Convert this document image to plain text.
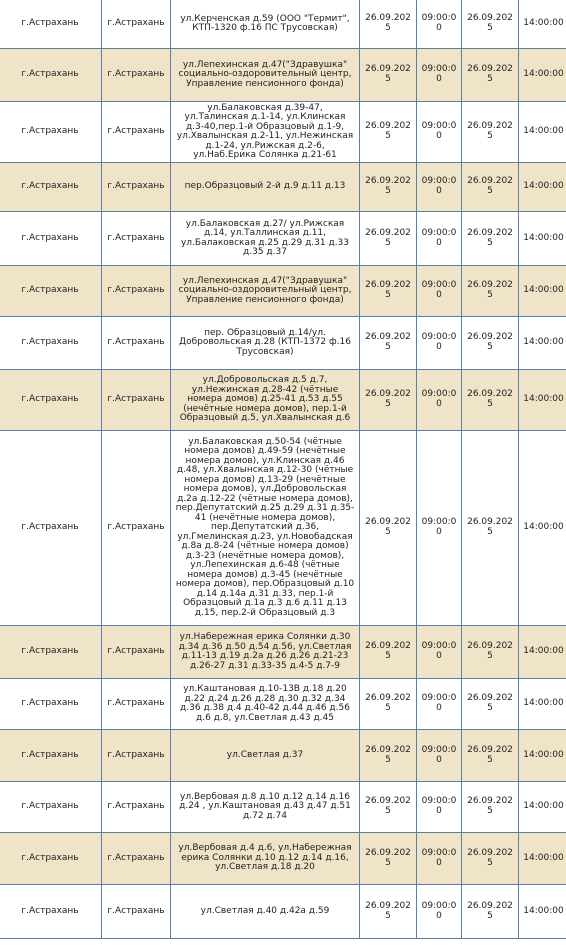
г.Астрахань	г.Астрахань	ул.Керченская д.59 (ООО "Термит", КТП-1320 ф.16 ПС Трусовская)	26.09.2025	09:00:00	26.09.2025	14:00:00
г.Астрахань	г.Астрахань	ул.Лепехинская д.47("Здравушка" социально-оздоровительный центр, Управление пенсионного фонда)	26.09.2025	09:00:00	26.09.2025	14:00:00
г.Астрахань	г.Астрахань	ул.Балаковская д.39-47, ул.Талинская д.1-14, ул.Клинская д.3-40,пер.1-й Образцовый д.1-9, ул.Хвалынская д.2-11, ул.Нежинская д.1-24, ул.Рижская д.2-6, ул.Наб.Ерика Солянка д.21-61	26.09.2025	09:00:00	26.09.2025	14:00:00
г.Астрахань	г.Астрахань	пер.Образцовый 2-й д.9 д.11 д.13	26.09.2025	09:00:00	26.09.2025	14:00:00
г.Астрахань	г.Астрахань	ул.Балаковская д.27/ ул.Рижская д.14, ул.Таллинская д.11, ул.Балаковская д.25 д.29 д.31 д.33 д.35 д.37	26.09.2025	09:00:00	26.09.2025	14:00:00
г.Астрахань	г.Астрахань	ул.Лепехинская д.47("Здравушка" социально-оздоровительный центр, Управление пенсионного фонда)	26.09.2025	09:00:00	26.09.2025	14:00:00
г.Астрахань	г.Астрахань	пер. Образцовый д.14/ул. Добровольская д.28 (КТП-1372 ф.16 Трусовская)	26.09.2025	09:00:00	26.09.2025	14:00:00
г.Астрахань	г.Астрахань	ул.Добровольская д.5 д.7, ул.Нежинская д.28-42 (чётные номера домов) д.25-41 д.53 д.55 (нечётные номера домов), пер.1-й Образцовый д.5, ул.Хвалынская д.6	26.09.2025	09:00:00	26.09.2025	14:00:00
г.Астрахань	г.Астрахань	ул.Балаковская д.50-54 (чётные номера домов) д.49-59 (нечётные номера домов), ул.Клинская д.46 д.48, ул.Хвалынская д.12-30 (чётные номера домов) д.13-29 (нечётные номера домов), ул.Добровольская д.2а д.12-22 (чётные номера домов), пер.Депутатский д.25 д.29 д.31 д.35-41 (нечётные номера домов), пер.Депутатский д.36, ул.Гмелинская д.23, ул.Новобадская д.8а д.8-24 (чётные номера домов) д.3-23 (нечётные номера домов), ул.Лепехинская д.6-48 (чётные номера домов) д.3-45 (нечётные номера домов), пер.Образцовый д.10 д.14 д.14а д.31 д.33, пер.1-й Образцовый д.1а д.3 д.6 д.11 д.13 д.15, пер.2-й Образцовый д.3	26.09.2025	09:00:00	26.09.2025	14:00:00
г.Астрахань	г.Астрахань	ул.Набережная ерика Солянки д.30 д.34 д.36 д.50 д.54 д.56, ул.Светлая д.11-13 д.19 д.2а д.26 д.26 д.21-23 д.26-27 д.31 д.33-35 д.4-5 д.7-9	26.09.2025	09:00:00	26.09.2025	14:00:00
г.Астрахань	г.Астрахань	ул.Каштановая д.10-13В д.18 д.20 д.22 д.24 д.26 д.28 д.30 д.32 д.34 д.36 д.38 д.4 д.40-42 д.44 д.46 д.56 д.6 д.8, ул.Светлая д.43 д.45	26.09.2025	09:00:00	26.09.2025	14:00:00
г.Астрахань	г.Астрахань	ул.Светлая д.37	26.09.2025	09:00:00	26.09.2025	14:00:00
г.Астрахань	г.Астрахань	ул.Вербовая д.8 д.10 д.12 д.14 д.16 д.24 , ул.Каштановая д.43 д.47 д.51 д.72 д.74	26.09.2025	09:00:00	26.09.2025	14:00:00
г.Астрахань	г.Астрахань	ул.Вербовая д.4 д.6, ул.Набережная ерика Солянки д.10 д.12 д.14 д.16, ул.Светлая д.18 д.20	26.09.2025	09:00:00	26.09.2025	14:00:00
г.Астрахань	г.Астрахань	ул.Светлая д.40 д.42а д.59	26.09.2025	09:00:00	26.09.2025	14:00:00
